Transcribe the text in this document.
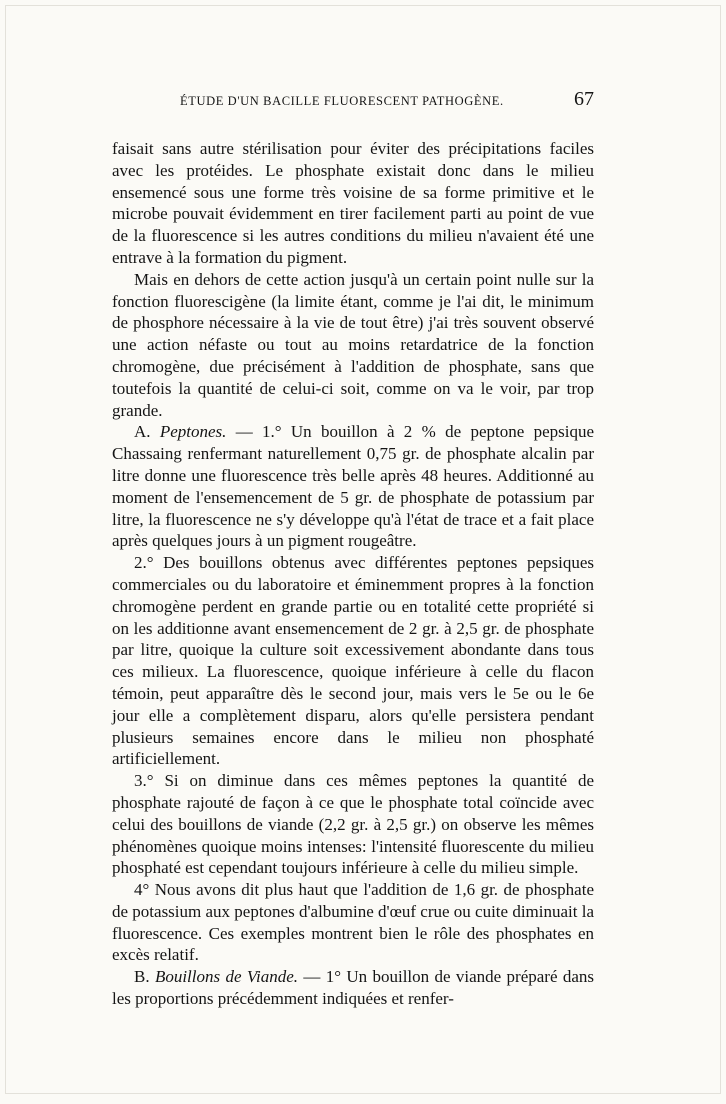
ÉTUDE D'UN BACILLE FLUORESCENT PATHOGÈNE.	67

faisait sans autre stérilisation pour éviter des précipitations faciles avec les protéides. Le phosphate existait donc dans le milieu ensemencé sous une forme très voisine de sa forme primitive et le microbe pouvait évidemment en tirer facilement parti au point de vue de la fluorescence si les autres conditions du milieu n'avaient été une entrave à la formation du pigment.

Mais en dehors de cette action jusqu'à un certain point nulle sur la fonction fluorescigène (la limite étant, comme je l'ai dit, le minimum de phosphore nécessaire à la vie de tout être) j'ai très souvent observé une action néfaste ou tout au moins retardatrice de la fonction chromogène, due précisément à l'addition de phosphate, sans que toutefois la quantité de celui-ci soit, comme on va le voir, par trop grande.

A. Peptones. — 1.° Un bouillon à 2 % de peptone pepsique Chassaing renfermant naturellement 0,75 gr. de phosphate alcalin par litre donne une fluorescence très belle après 48 heures. Additionné au moment de l'ensemencement de 5 gr. de phosphate de potassium par litre, la fluorescence ne s'y développe qu'à l'état de trace et a fait place après quelques jours à un pigment rougeâtre.

2.° Des bouillons obtenus avec différentes peptones pepsiques commerciales ou du laboratoire et éminemment propres à la fonction chromogène perdent en grande partie ou en totalité cette propriété si on les additionne avant ensemencement de 2 gr. à 2,5 gr. de phosphate par litre, quoique la culture soit excessivement abondante dans tous ces milieux. La fluorescence, quoique inférieure à celle du flacon témoin, peut apparaître dès le second jour, mais vers le 5e ou le 6e jour elle a complètement disparu, alors qu'elle persistera pendant plusieurs semaines encore dans le milieu non phosphaté artificiellement.

3.° Si on diminue dans ces mêmes peptones la quantité de phosphate rajouté de façon à ce que le phosphate total coïncide avec celui des bouillons de viande (2,2 gr. à 2,5 gr.) on observe les mêmes phénomènes quoique moins intenses: l'intensité fluorescente du milieu phosphaté est cependant toujours inférieure à celle du milieu simple.

4° Nous avons dit plus haut que l'addition de 1,6 gr. de phosphate de potassium aux peptones d'albumine d'œuf crue ou cuite diminuait la fluorescence. Ces exemples montrent bien le rôle des phosphates en excès relatif.

B. Bouillons de Viande. — 1° Un bouillon de viande préparé dans les proportions précédemment indiquées et renfer-
